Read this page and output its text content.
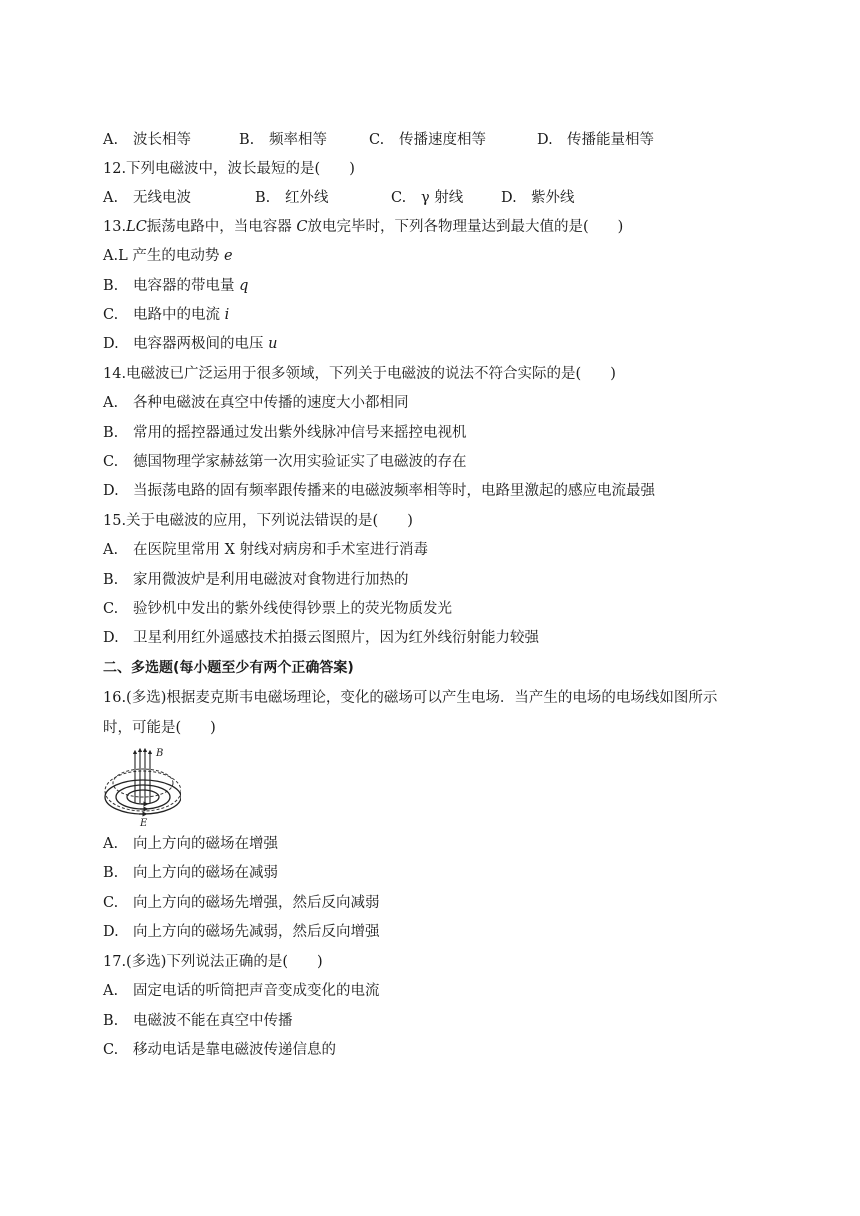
A. 波长相等	B. 频率相等	C. 传播速度相等	D. 传播能量相等
12.下列电磁波中，波长最短的是(　　)
A. 无线电波	B. 红外线	C. γ 射线	D. 紫外线
13.LC振荡电路中，当电容器 C放电完毕时，下列各物理量达到最大值的是(　　)
A.L 产生的电动势 e
B. 电容器的带电量 q
C. 电路中的电流 i
D. 电容器两极间的电压 u
14.电磁波已广泛运用于很多领域，下列关于电磁波的说法不符合实际的是(　　)
A. 各种电磁波在真空中传播的速度大小都相同
B. 常用的摇控器通过发出紫外线脉冲信号来摇控电视机
C. 德国物理学家赫兹第一次用实验证实了电磁波的存在
D. 当振荡电路的固有频率跟传播来的电磁波频率相等时，电路里激起的感应电流最强
15.关于电磁波的应用，下列说法错误的是(　　)
A. 在医院里常用 X 射线对病房和手术室进行消毒
B. 家用微波炉是利用电磁波对食物进行加热的
C. 验钞机中发出的紫外线使得钞票上的荧光物质发光
D. 卫星利用红外遥感技术拍摄云图照片，因为红外线衍射能力较强
二、多选题(每小题至少有两个正确答案)
16.(多选)根据麦克斯韦电磁场理论，变化的磁场可以产生电场．当产生的电场的电场线如图所示
时，可能是(　　)
B
E
A. 向上方向的磁场在增强
B. 向上方向的磁场在减弱
C. 向上方向的磁场先增强，然后反向减弱
D. 向上方向的磁场先减弱，然后反向增强
17.(多选)下列说法正确的是(　　)
A. 固定电话的听筒把声音变成变化的电流
B. 电磁波不能在真空中传播
C. 移动电话是靠电磁波传递信息的
